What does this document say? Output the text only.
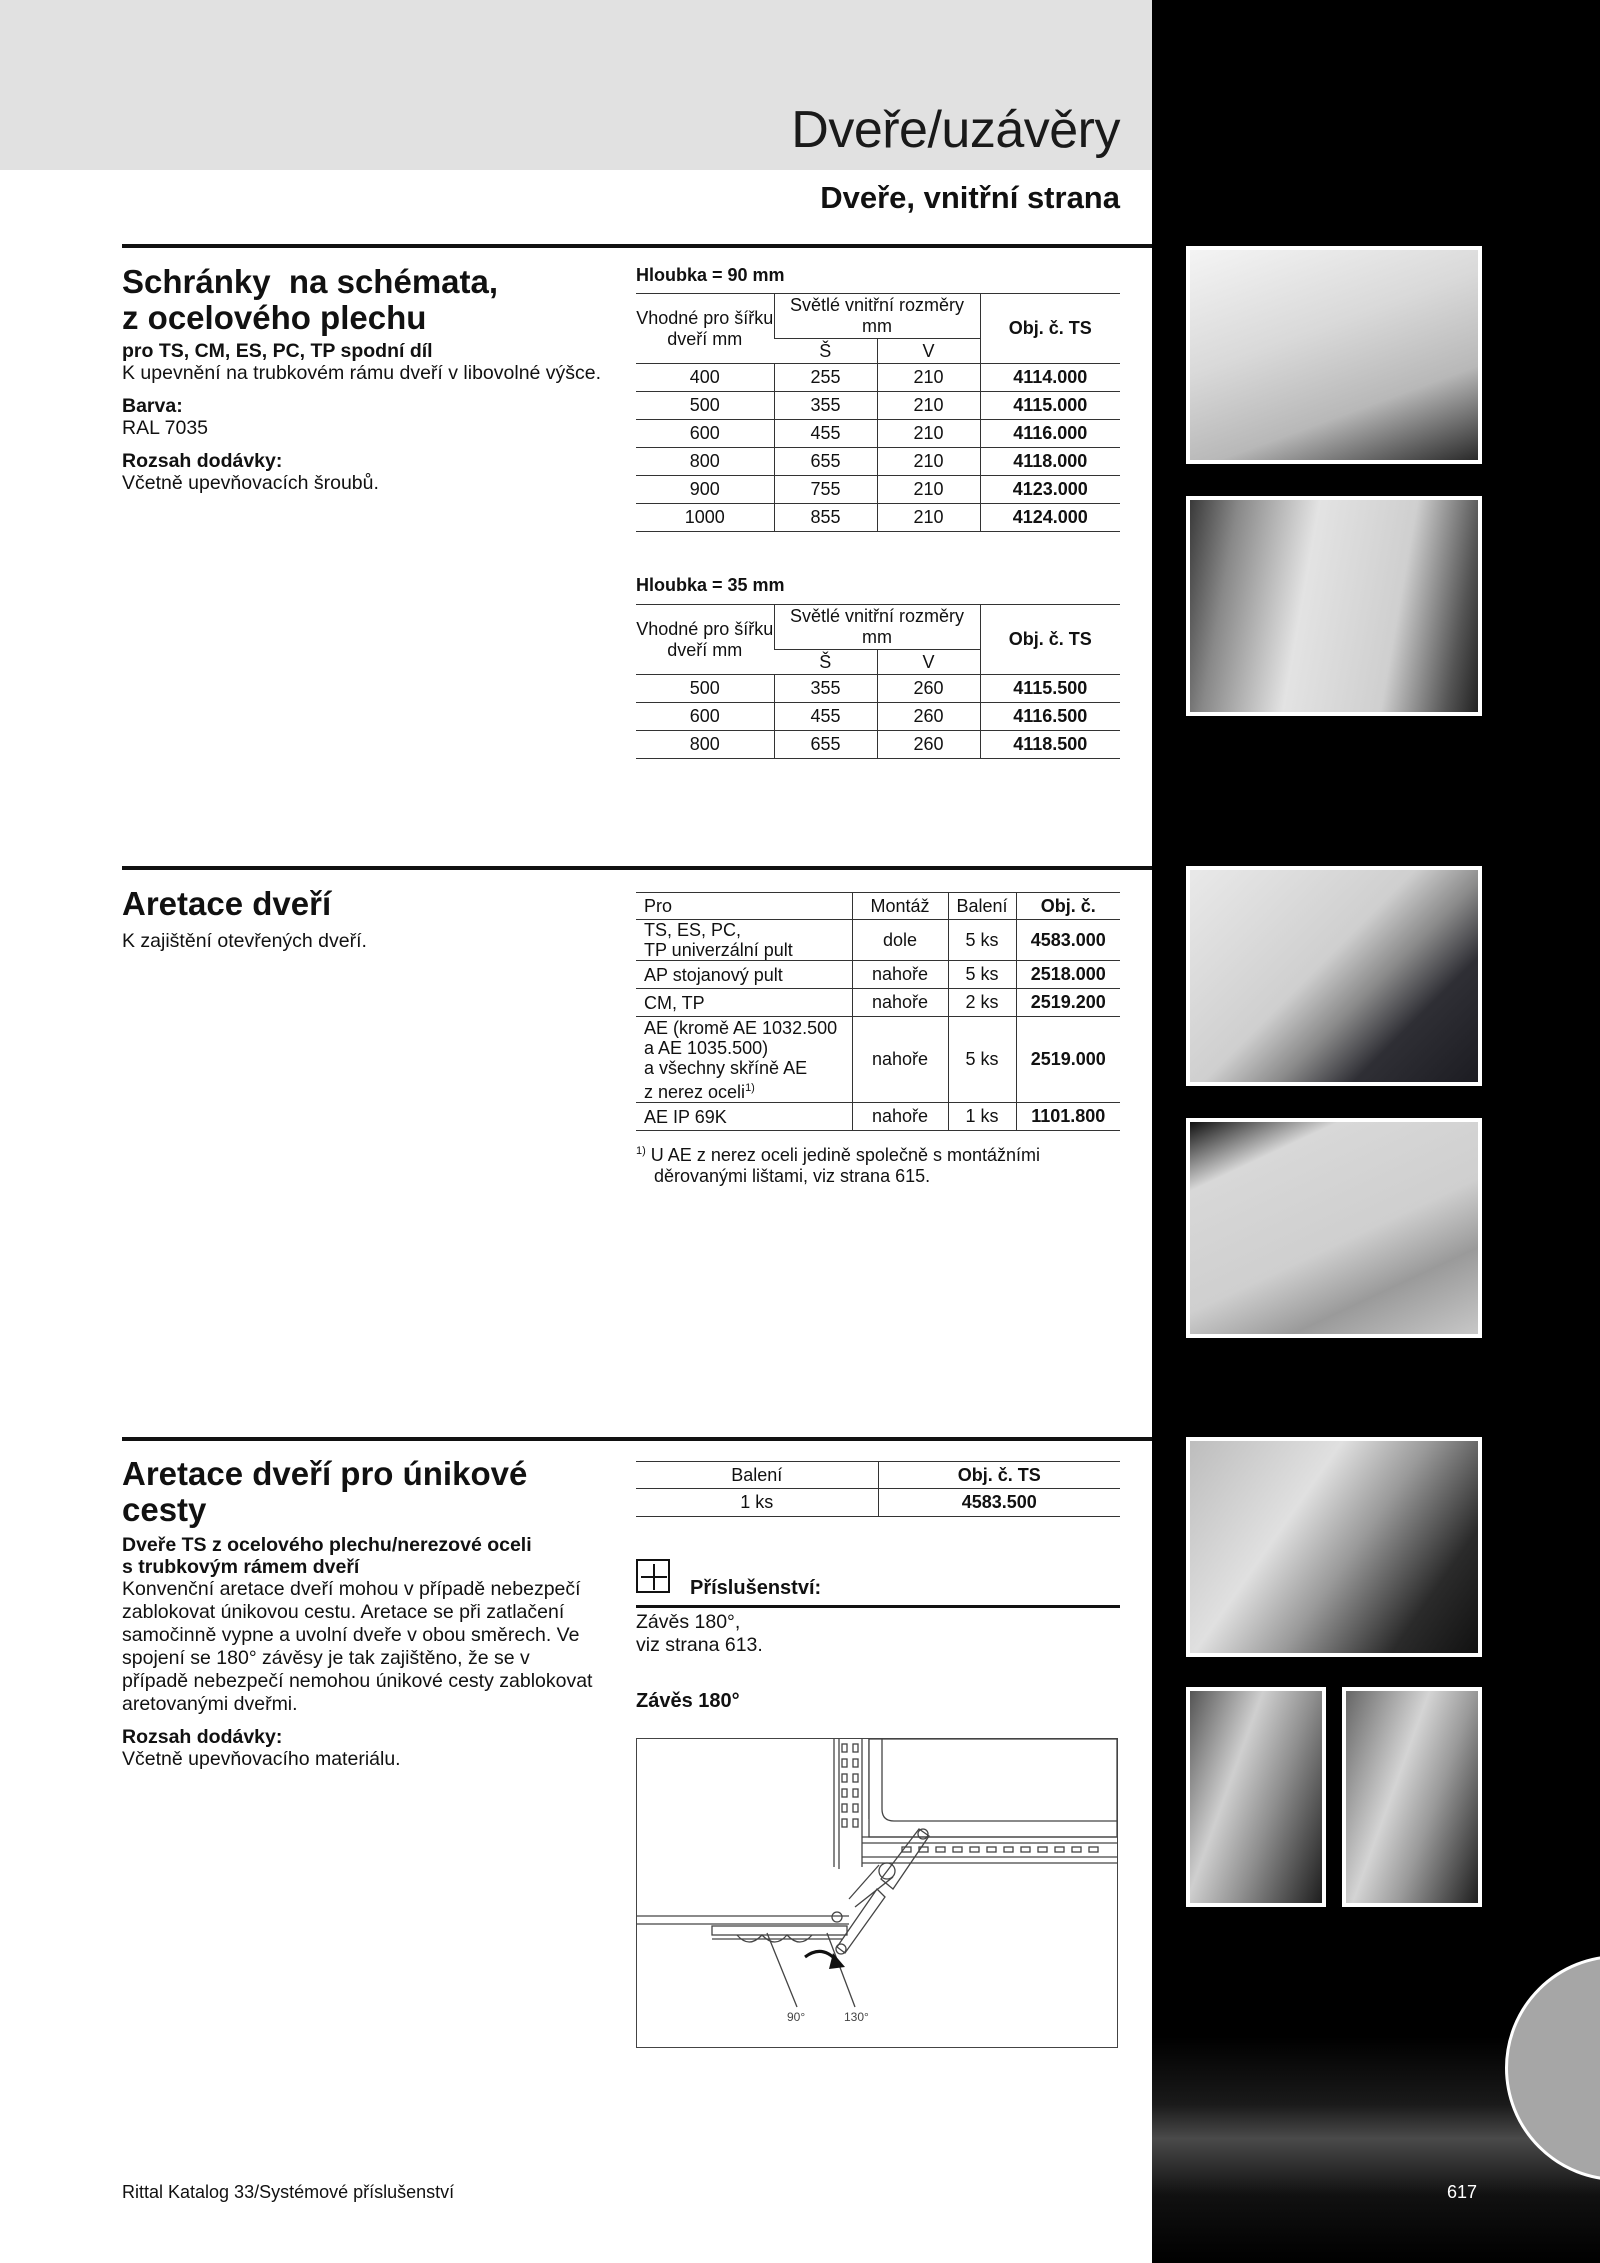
Dveře/uzávěry
Dveře, vnitřní strana
Schránky  na schémata,
z ocelového plechu
pro TS, CM, ES, PC, TP spodní díl
K upevnění na trubkovém rámu dveří v libovolné výšce.
Barva:
RAL 7035
Rozsah dodávky:
Včetně upevňovacích šroubů.
Hloubka = 90 mm
Vhodné pro šířku dveří mm	Světlé vnitřní rozměry mm		Obj. č. TS
	Š	V	
400	255	210	4114.000
500	355	210	4115.000
600	455	210	4116.000
800	655	210	4118.000
900	755	210	4123.000
1000	855	210	4124.000
Hloubka = 35 mm
Vhodné pro šířku dveří mm	Světlé vnitřní rozměry mm		Obj. č. TS
	Š	V	
500	355	260	4115.500
600	455	260	4116.500
800	655	260	4118.500
Aretace dveří
K zajištění otevřených dveří.
Pro	Montáž	Balení	Obj. č.
TS, ES, PC,
TP univerzální pult	dole	5 ks	4583.000
AP stojanový pult	nahoře	5 ks	2518.000
CM, TP	nahoře	2 ks	2519.200
AE (kromě AE 1032.500
a AE 1035.500)
a všechny skříně AE
z nerez oceli$^{1)}$	nahoře	5 ks	2519.000
AE IP 69K	nahoře	1 ks	1101.800
$^{1)}$ U AE z nerez oceli jedině společně s montážními
děrovanými lištami, viz strana 615.
Aretace dveří pro únikové cesty
Dveře TS z ocelového plechu/nerezové oceli
s trubkovým rámem dveří
Konvenční aretace dveří mohou v případě nebezpečí zablokovat únikovou cestu. Aretace se při zatlačení samočinně vypne a uvolní dveře v obou směrech. Ve spojení se 180° závěsy je tak zajištěno, že se v případě nebezpečí nemohou únikové cesty zablokovat aretovanými dveřmi.
Rozsah dodávky:
Včetně upevňovacího materiálu.
Balení	Obj. č. TS
1 ks	4583.500
Příslušenství:
Závěs 180°,
viz strana 613.
Závěs 180°
90°	130°
Rittal Katalog 33/Systémové příslušenství	617
